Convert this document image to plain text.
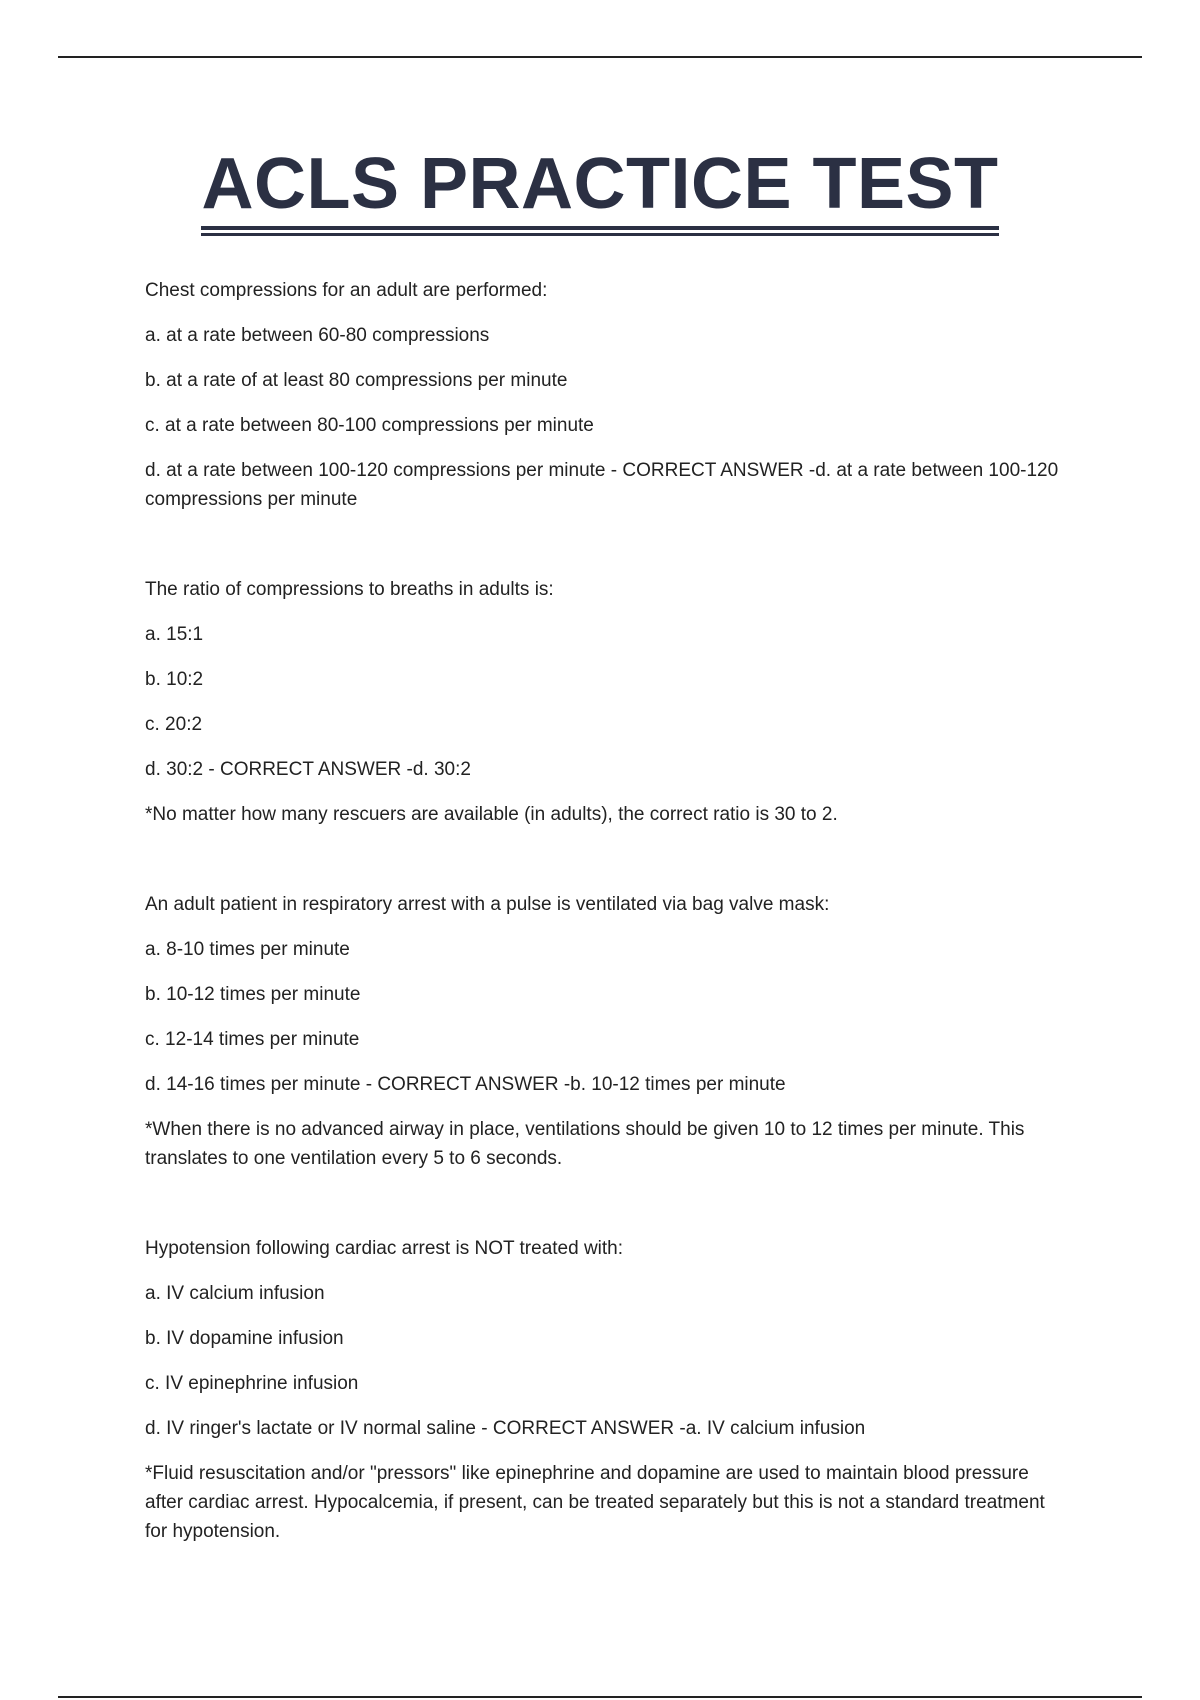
ACLS PRACTICE TEST

Chest compressions for an adult are performed:

a. at a rate between 60-80 compressions

b. at a rate of at least 80 compressions per minute

c. at a rate between 80-100 compressions per minute

d. at a rate between 100-120 compressions per minute - CORRECT ANSWER -d. at a rate between 100-120 compressions per minute

The ratio of compressions to breaths in adults is:

a. 15:1

b. 10:2

c. 20:2

d. 30:2 - CORRECT ANSWER -d. 30:2

*No matter how many rescuers are available (in adults), the correct ratio is 30 to 2.

An adult patient in respiratory arrest with a pulse is ventilated via bag valve mask:

a. 8-10 times per minute

b. 10-12 times per minute

c. 12-14 times per minute

d. 14-16 times per minute - CORRECT ANSWER -b. 10-12 times per minute

*When there is no advanced airway in place, ventilations should be given 10 to 12 times per minute. This translates to one ventilation every 5 to 6 seconds.

Hypotension following cardiac arrest is NOT treated with:

a. IV calcium infusion

b. IV dopamine infusion

c. IV epinephrine infusion

d. IV ringer's lactate or IV normal saline - CORRECT ANSWER -a. IV calcium infusion

*Fluid resuscitation and/or "pressors" like epinephrine and dopamine are used to maintain blood pressure after cardiac arrest. Hypocalcemia, if present, can be treated separately but this is not a standard treatment for hypotension.
